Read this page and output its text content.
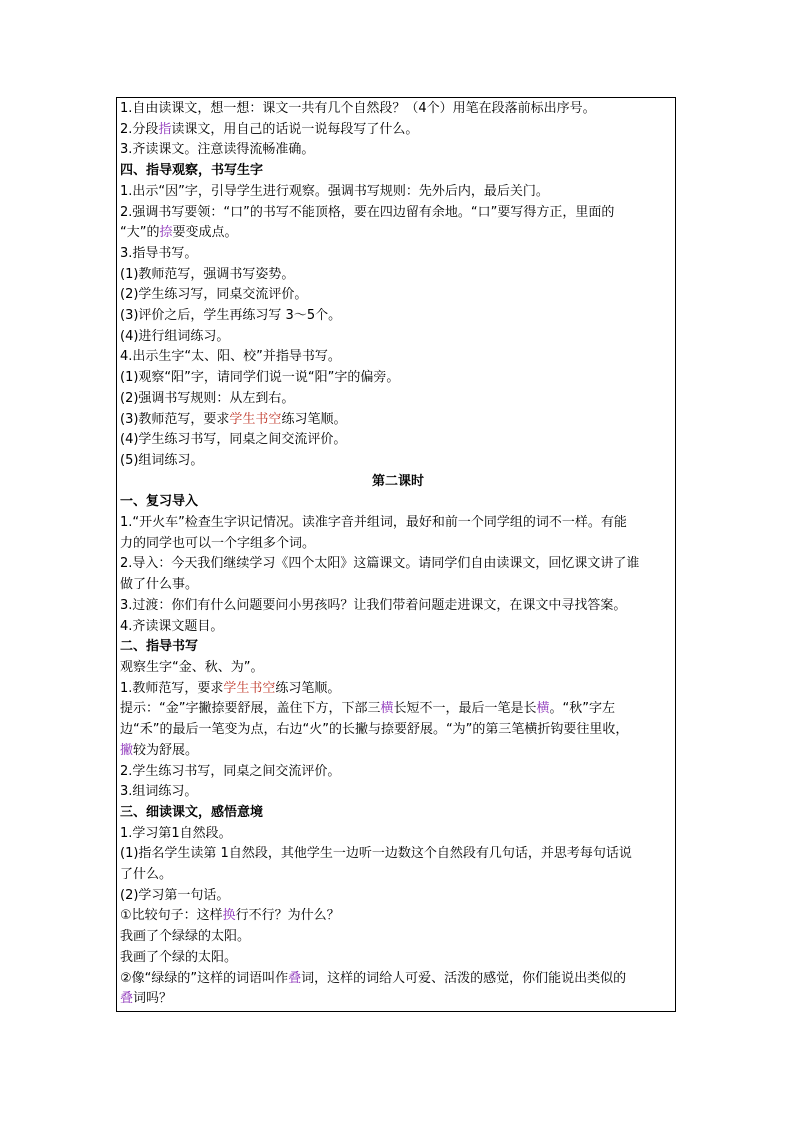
1.自由读课文，想一想：课文一共有几个自然段？（4个）用笔在段落前标出序号。
2.分段指读课文，用自己的话说一说每段写了什么。
3.齐读课文。注意读得流畅准确。
四、指导观察，书写生字
1.出示“因”字，引导学生进行观察。强调书写规则：先外后内，最后关门。
2.强调书写要领：“口”的书写不能顶格，要在四边留有余地。“口”要写得方正，里面的
“大”的捺要变成点。
3.指导书写。
(1)教师范写，强调书写姿势。
(2)学生练习写，同桌交流评价。
(3)评价之后，学生再练习写 3～5个。
(4)进行组词练习。
4.出示生字“太、阳、校”并指导书写。
(1)观察“阳”字，请同学们说一说“阳”字的偏旁。
(2)强调书写规则：从左到右。
(3)教师范写，要求学生书空练习笔顺。
(4)学生练习书写，同桌之间交流评价。
(5)组词练习。
第二课时
一、复习导入
1.“开火车”检查生字识记情况。读准字音并组词，最好和前一个同学组的词不一样。有能
力的同学也可以一个字组多个词。
2.导入：今天我们继续学习《四个太阳》这篇课文。请同学们自由读课文，回忆课文讲了谁
做了什么事。
3.过渡：你们有什么问题要问小男孩吗？让我们带着问题走进课文，在课文中寻找答案。
4.齐读课文题目。
二、指导书写
观察生字“金、秋、为”。
1.教师范写，要求学生书空练习笔顺。
提示：“金”字撇捺要舒展，盖住下方，下部三横长短不一，最后一笔是长横。“秋”字左
边“禾”的最后一笔变为点，右边“火”的长撇与捺要舒展。“为”的第三笔横折钩要往里收，
撇较为舒展。
2.学生练习书写，同桌之间交流评价。
3.组词练习。
三、细读课文，感悟意境
1.学习第1自然段。
(1)指名学生读第 1自然段，其他学生一边听一边数这个自然段有几句话，并思考每句话说
了什么。
(2)学习第一句话。
①比较句子：这样换行不行？为什么？
我画了个绿绿的太阳。
我画了个绿的太阳。
②像“绿绿的”这样的词语叫作叠词，这样的词给人可爱、活泼的感觉，你们能说出类似的
叠词吗？
